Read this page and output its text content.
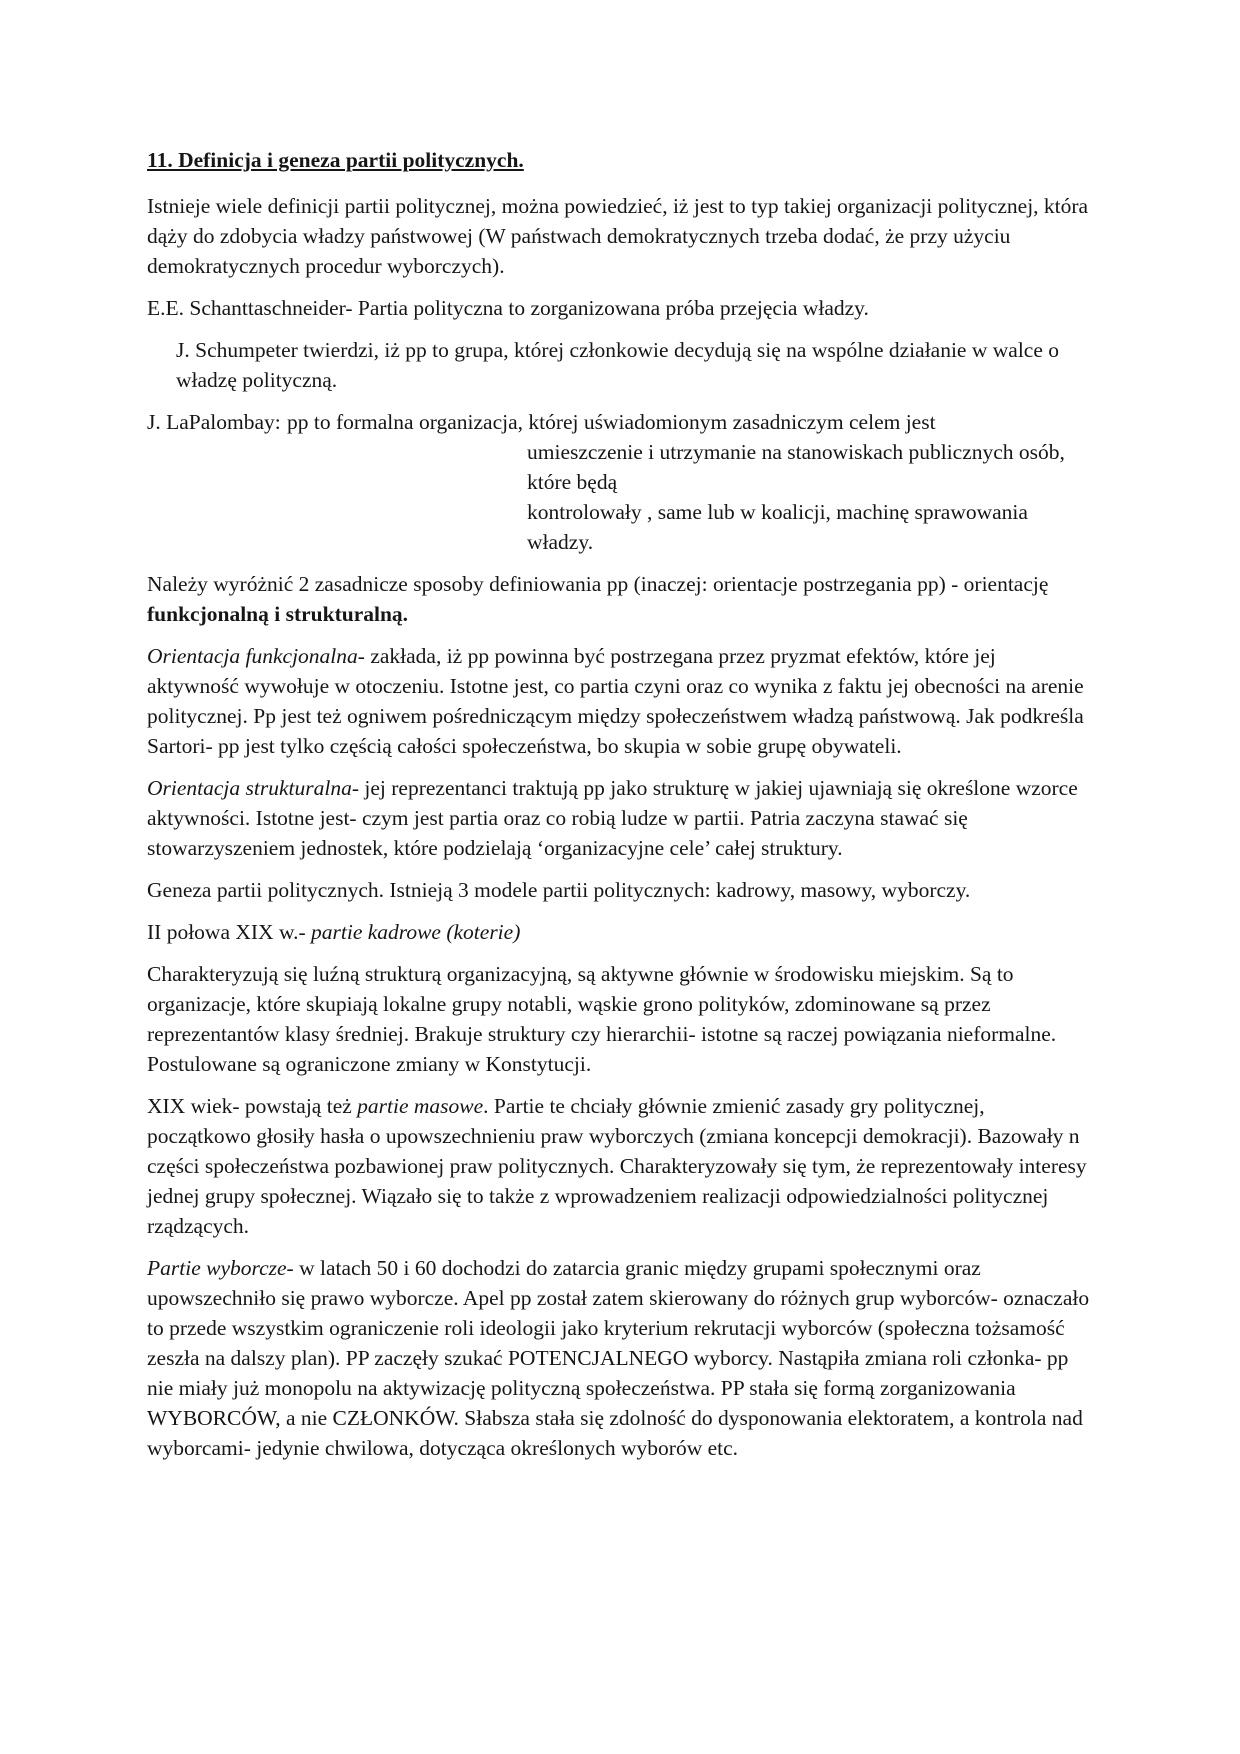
11. Definicja i geneza partii politycznych.

Istnieje wiele definicji partii politycznej, można powiedzieć, iż jest to typ takiej organizacji politycznej, która dąży do zdobycia władzy państwowej (W państwach demokratycznych trzeba dodać, że przy użyciu demokratycznych procedur wyborczych).

E.E. Schanttaschneider- Partia polityczna to zorganizowana próba przejęcia władzy.

J. Schumpeter twierdzi, iż pp to grupa, której członkowie decydują się na wspólne działanie w walce o władzę polityczną.

J. LaPalombay: pp to formalna organizacja, której uświadomionym zasadniczym celem jest
umieszczenie i utrzymanie na stanowiskach publicznych osób, które będą
kontrolowały , same lub w koalicji, machinę sprawowania władzy.

Należy wyróżnić 2 zasadnicze sposoby definiowania pp (inaczej: orientacje postrzegania pp) - orientację funkcjonalną i strukturalną.

Orientacja funkcjonalna- zakłada, iż pp powinna być postrzegana przez pryzmat efektów, które jej aktywność wywołuje w otoczeniu. Istotne jest, co partia czyni oraz co wynika z faktu jej obecności na arenie politycznej. Pp jest też ogniwem pośredniczącym między społeczeństwem władzą państwową. Jak podkreśla Sartori- pp jest tylko częścią całości społeczeństwa, bo skupia w sobie grupę obywateli.

Orientacja strukturalna- jej reprezentanci traktują pp jako strukturę w jakiej ujawniają się określone wzorce aktywności. Istotne jest- czym jest partia oraz co robią ludze w partii. Patria zaczyna stawać się stowarzyszeniem jednostek, które podzielają ‘organizacyjne cele’ całej struktury.

Geneza partii politycznych. Istnieją 3 modele partii politycznych: kadrowy, masowy, wyborczy.

II połowa XIX w.- partie kadrowe (koterie)

Charakteryzują się luźną strukturą organizacyjną, są aktywne głównie w środowisku miejskim. Są to organizacje, które skupiają lokalne grupy notabli, wąskie grono polityków, zdominowane są przez reprezentantów klasy średniej. Brakuje struktury czy hierarchii- istotne są raczej powiązania nieformalne. Postulowane są ograniczone zmiany w Konstytucji.

XIX wiek- powstają też partie masowe. Partie te chciały głównie zmienić zasady gry politycznej, początkowo głosiły hasła o upowszechnieniu praw wyborczych (zmiana koncepcji demokracji). Bazowały n części społeczeństwa pozbawionej praw politycznych. Charakteryzowały się tym, że reprezentowały interesy jednej grupy społecznej. Wiązało się to także z wprowadzeniem realizacji odpowiedzialności politycznej rządzących.

Partie wyborcze- w latach 50 i 60 dochodzi do zatarcia granic między grupami społecznymi oraz upowszechniło się prawo wyborcze. Apel pp został zatem skierowany do różnych grup wyborców- oznaczało to przede wszystkim ograniczenie roli ideologii jako kryterium rekrutacji wyborców (społeczna tożsamość zeszła na dalszy plan). PP zaczęły szukać POTENCJALNEGO wyborcy. Nastąpiła zmiana roli członka- pp nie miały już monopolu na aktywizację polityczną społeczeństwa. PP stała się formą zorganizowania WYBORCÓW, a nie CZŁONKÓW. Słabsza stała się zdolność do dysponowania elektoratem, a kontrola nad wyborcami- jedynie chwilowa, dotycząca określonych wyborów etc.
